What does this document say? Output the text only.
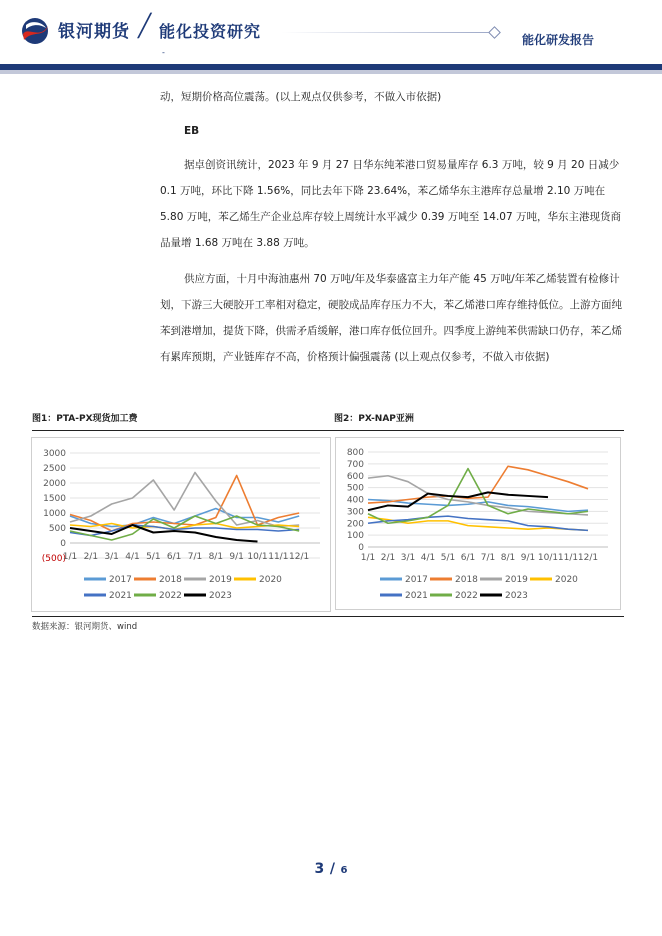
银河期货 ╱ 能化投资研究
-
能化研发报告
动，短期价格高位震荡。(以上观点仅供参考，不做入市依据)
EB
据卓创资讯统计，2023 年 9 月 27 日华东纯苯港口贸易量库存 6.3 万吨，较 9 月 20 日减少 0.1 万吨，环比下降 1.56%，同比去年下降 23.64%，苯乙烯华东主港库存总量增 2.10 万吨在 5.80 万吨，苯乙烯生产企业总库存较上周统计水平减少 0.39 万吨至 14.07 万吨，华东主港现货商品量增 1.68 万吨在 3.88 万吨。
供应方面，十月中海油惠州 70 万吨/年及华泰盛富主力年产能 45 万吨/年苯乙烯装置有检修计划，下游三大硬胶开工率相对稳定，硬胶成品库存压力不大，苯乙烯港口库存维持低位。上游方面纯苯到港增加，提货下降，供需矛盾缓解，港口库存低位回升。四季度上游纯苯供需缺口仍存，苯乙烯有累库预期，产业链库存不高，价格预计偏强震荡 (以上观点仅参考，不做入市依据)
图1：PTA-PX现货加工费	图2：PX-NAP亚洲
3000
2500
2000
1500
1000
500
0
(500)
1/1 2/1 3/1 4/1 5/1 6/1 7/1 8/1 9/1 10/1 11/1 12/1
2017	2018	2019	2020
2021	2022	2023
800
700
600
500
400
300
200
100
0
1/1 2/1 3/1 4/1 5/1 6/1 7/1 8/1 9/1 10/1 11/1 12/1
2017	2018	2019	2020
2021	2022	2023
数据来源：银河期货、wind
3 / 6
